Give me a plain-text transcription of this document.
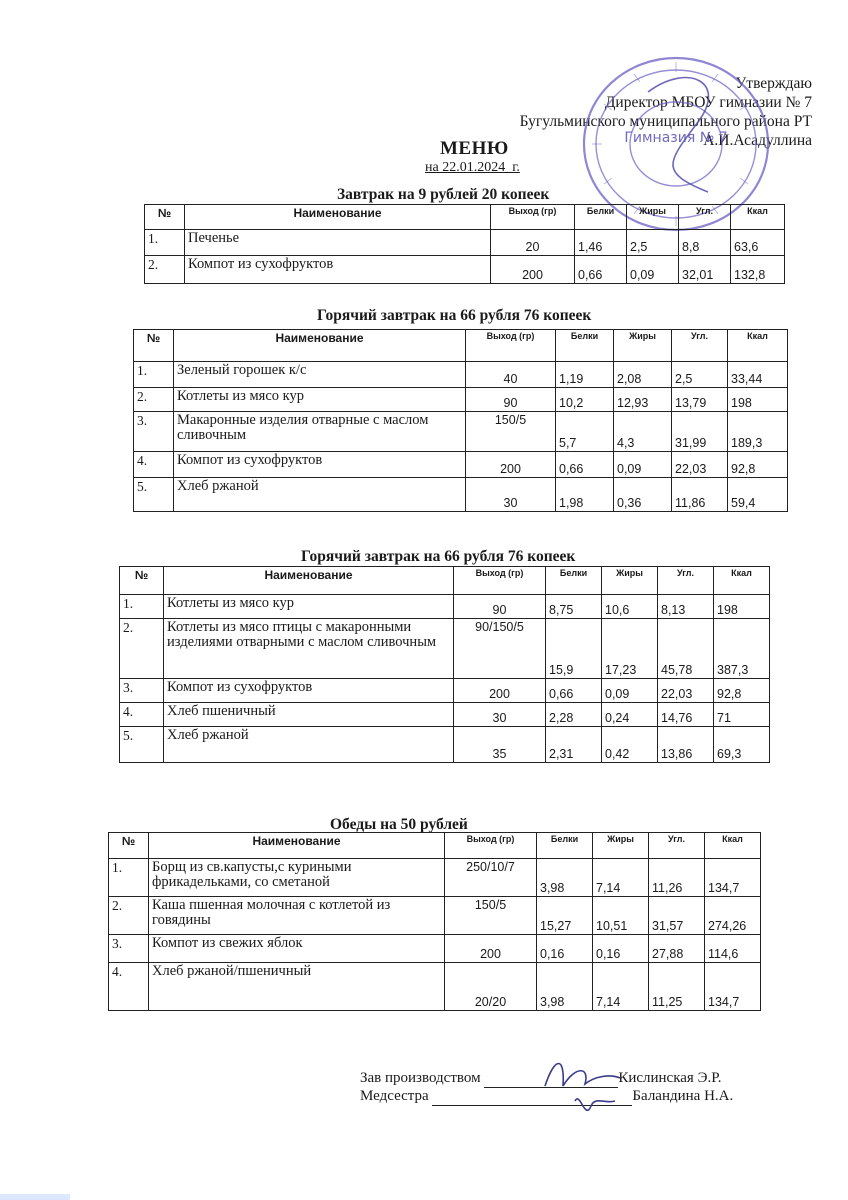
Утверждаю
Директор МБОУ гимназии № 7
Бугульминского муниципального района РТ
А.И.Асадуллина
Гимназия № 7
МЕНЮ
на 22.01.2024_г.
Завтрак на 9 рублей 20 копеек
№	Наименование	Выход (гр)	Белки	Жиры	Угл.	Ккал
1.	Печенье	20	1,46	2,5	8,8	63,6
2.	Компот из сухофруктов	200	0,66	0,09	32,01	132,8
Горячий завтрак на 66 рубля 76 копеек
№	Наименование	Выход (гр)	Белки	Жиры	Угл.	Ккал
1.	Зеленый горошек к/с	40	1,19	2,08	2,5	33,44
2.	Котлеты из мясо кур	90	10,2	12,93	13,79	198
3.	Макаронные изделия отварные с маслом сливочным	150/5	5,7	4,3	31,99	189,3
4.	Компот из сухофруктов	200	0,66	0,09	22,03	92,8
5.	Хлеб ржаной	30	1,98	0,36	11,86	59,4
Горячий завтрак на 66 рубля 76 копеек
№	Наименование	Выход (гр)	Белки	Жиры	Угл.	Ккал
1.	Котлеты из мясо кур	90	8,75	10,6	8,13	198
2.	Котлеты из мясо птицы с макаронными изделиями отварными с маслом сливочным	90/150/5	15,9	17,23	45,78	387,3
3.	Компот из сухофруктов	200	0,66	0,09	22,03	92,8
4.	Хлеб пшеничный	30	2,28	0,24	14,76	71
5.	Хлеб ржаной	35	2,31	0,42	13,86	69,3
Обеды на 50 рублей
№	Наименование	Выход (гр)	Белки	Жиры	Угл.	Ккал
1.	Борщ из св.капусты,с куриными фрикадельками, со сметаной	250/10/7	3,98	7,14	11,26	134,7
2.	Каша пшенная молочная с котлетой из говядины	150/5	15,27	10,51	31,57	274,26
3.	Компот из свежих яблок	200	0,16	0,16	27,88	114,6
4.	Хлеб ржаной/пшеничный	20/20	3,98	7,14	11,25	134,7
Зав производством	Кислинская Э.Р.
Медсестра	Баландина Н.А.
